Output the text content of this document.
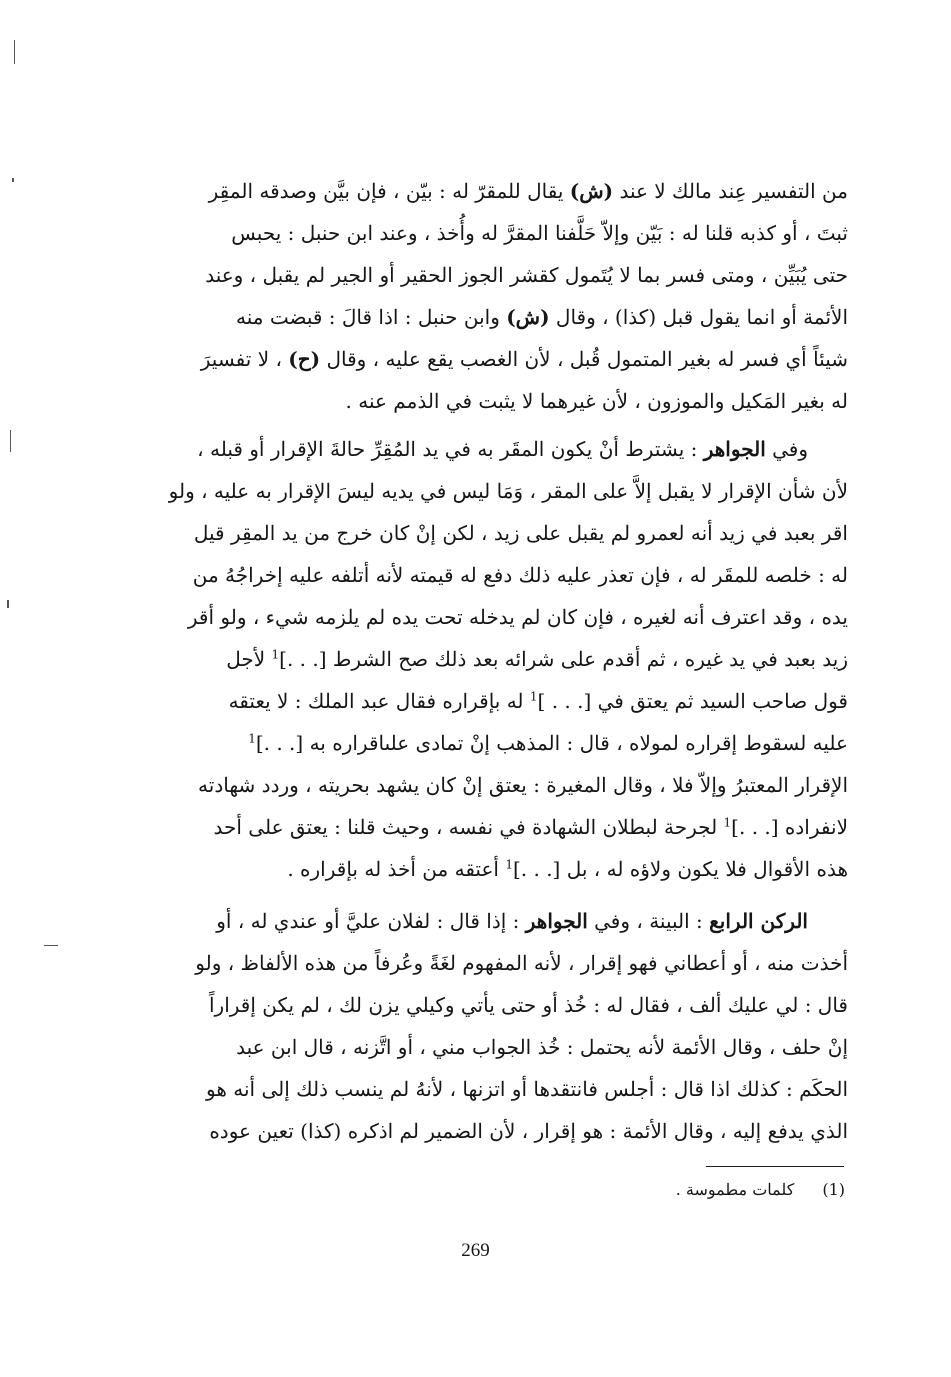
من التفسير عِند مالك لا عند (ش) يقال للمقرّ له : بيّن ، فإن بيَّن وصدقه المقِر
ثبتَ ، أو كذبه قلنا له : بَيّن وإلاّ حَلَّفنا المقرَّ له وأُخذ ، وعند ابن حنبل : يحبس
حتى يُبَيِّن ، ومتى فسر بما لا يُتَمول كقشر الجوز الحقير أو الجير لم يقبل ، وعند
الأئمة أو انما يقول قبل (كذا) ، وقال (ش) وابن حنبل : اذا قالَ : قبضت منه
شيئاً أي فسر له بغير المتمول قُبل ، لأن الغصب يقع عليه ، وقال (ح) ، لا تفسيرَ
له بغير المَكيل والموزون ، لأن غيرهما لا يثبت في الذمم عنه .
وفي الجواهر : يشترط أنْ يكون المقَر به في يد المُقِرِّ حالةَ الإقرار أو قبله ،
لأن شأن الإقرار لا يقبل إلاَّ على المقر ، وَمَا ليس في يديه ليسَ الإقرار به عليه ، ولو
اقر بعبد في زيد أنه لعمرو لم يقبل على زيد ، لكن إنْ كان خرج من يد المقِر قيل
له : خلصه للمقَر له ، فإن تعذر عليه ذلك دفع له قيمته لأنه أتلفه عليه إخراجُهُ من
يده ، وقد اعترف أنه لغيره ، فإن كان لم يدخله تحت يده لم يلزمه شيء ، ولو أقر
زيد بعبد في يد غيره ، ثم أقدم على شرائه بعد ذلك صح الشرط [. . .]$^1$ لأجل
قول صاحب السيد ثم يعتق في [. . . ]$^1$ له بإقراره فقال عبد الملك : لا يعتقه
عليه لسقوط إقراره لمولاه ، قال : المذهب إنْ تمادى علىاقراره به [. . .]$^1$
الإقرار المعتبرُ وإلاّ فلا ، وقال المغيرة : يعتق إنْ كان يشهد بحريته ، وردد شهادته
لانفراده [. . .]$^1$ لجرحة لبطلان الشهادة في نفسه ، وحيث قلنا : يعتق على أحد
هذه الأقوال فلا يكون ولاؤه له ، بل [. . .]$^1$ أعتقه من أخذ له بإقراره .
الركن الرابع : البينة ، وفي الجواهر : إذا قال : لفلان عليَّ أو عندي له ، أو
أخذت منه ، أو أعطاني فهو إقرار ، لأنه المفهوم لغَةً وعُرفاً من هذه الألفاظ ، ولو
قال : لي عليك ألف ، فقال له : خُذ أو حتى يأتي وكيلي يزن لك ، لم يكن إقراراً
إنْ حلف ، وقال الأئمة لأنه يحتمل : خُذ الجواب مني ، أو اتَّزنه ، قال ابن عبد
الحكَم : كذلك اذا قال : أجلس فانتقدها أو اتزنها ، لأنهُ لم ينسب ذلك إلى أنه هو
الذي يدفع إليه ، وقال الأئمة : هو إقرار ، لأن الضمير لم اذكره (كذا) تعين عوده
(1)كلمات مطموسة .
269
